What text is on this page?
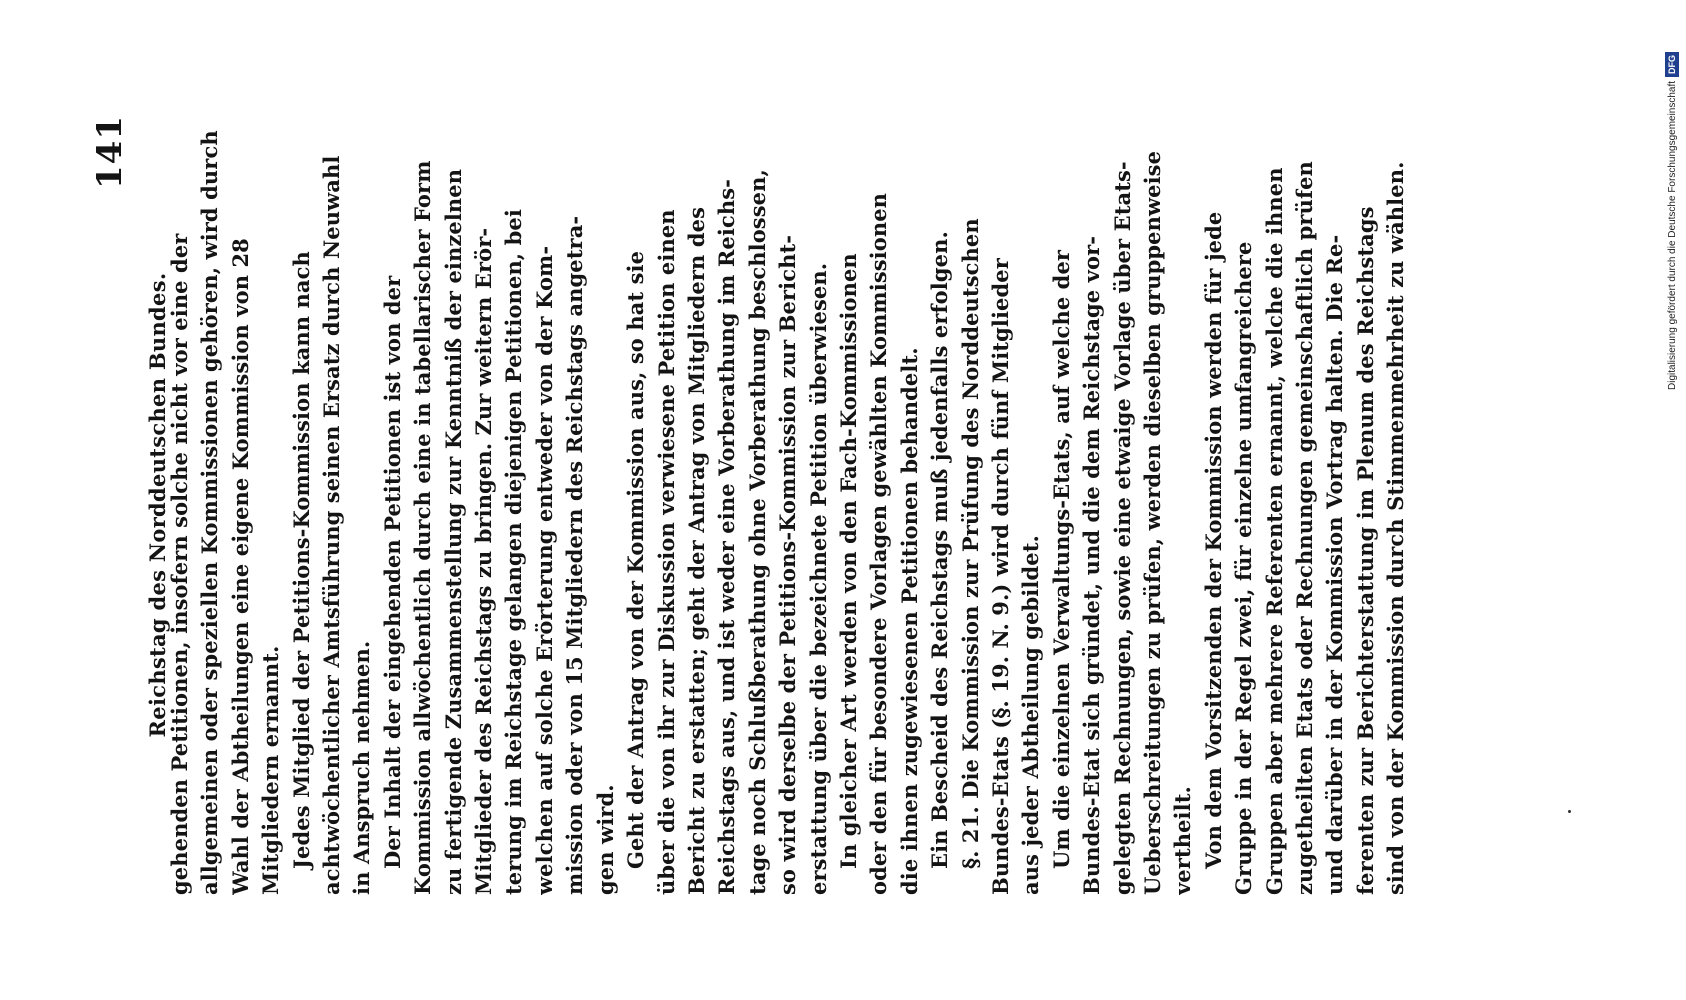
Reichstag des Norddeutschen Bundes.
141
gehenden Petitionen, insofern solche nicht vor eine der allgemeinen oder speziellen Kommissionen gehören, wird durch Wahl der Abtheilungen eine eigene Kommission von 28 Mitgliedern ernannt. Jedes Mitglied der Petitions-Kommission kann nach achtwöchentlicher Amtsführung seinen Ersatz durch Neuwahl in Anspruch nehmen. Der Inhalt der eingehenden Petitionen ist von der Kommission allwöchentlich durch eine in tabellarischer Form zu fertigende Zusammenstellung zur Kenntniß der einzelnen Mitglieder des Reichstags zu bringen. Zur weitern Erör- terung im Reichstage gelangen diejenigen Petitionen, bei welchen auf solche Erörterung entweder von der Kom- mission oder von 15 Mitgliedern des Reichstags angetra- gen wird. Geht der Antrag von der Kommission aus, so hat sie über die von ihr zur Diskussion verwiesene Petition einen Bericht zu erstatten; geht der Antrag von Mitgliedern des Reichstags aus, und ist weder eine Vorberathung im Reichs- tage noch Schlußberathung ohne Vorberathung beschlossen, so wird derselbe der Petitions-Kommission zur Bericht- erstattung über die bezeichnete Petition überwiesen. In gleicher Art werden von den Fach-Kommissionen oder den für besondere Vorlagen gewählten Kommissionen die ihnen zugewiesenen Petitionen behandelt. Ein Bescheid des Reichstags muß jedenfalls erfolgen. §. 21. Die Kommission zur Prüfung des Norddeutschen Bundes-Etats (§. 19. N. 9.) wird durch fünf Mitglieder aus jeder Abtheilung gebildet. Um die einzelnen Verwaltungs-Etats, auf welche der Bundes-Etat sich gründet, und die dem Reichstage vor- gelegten Rechnungen, sowie eine etwaige Vorlage über Etats- Ueberschreitungen zu prüfen, werden dieselben gruppenweise vertheilt. Von dem Vorsitzenden der Kommission werden für jede Gruppe in der Regel zwei, für einzelne umfangreichere Gruppen aber mehrere Referenten ernannt, welche die ihnen zugetheilten Etats oder Rechnungen gemeinschaftlich prüfen und darüber in der Kommission Vortrag halten. Die Re- ferenten zur Berichterstattung im Plenum des Reichstags sind von der Kommission durch Stimmenmehrheit zu wählen.	Digitalisierung gefördert durch die Deutsche Forschungsgemeinschaft
DFG
